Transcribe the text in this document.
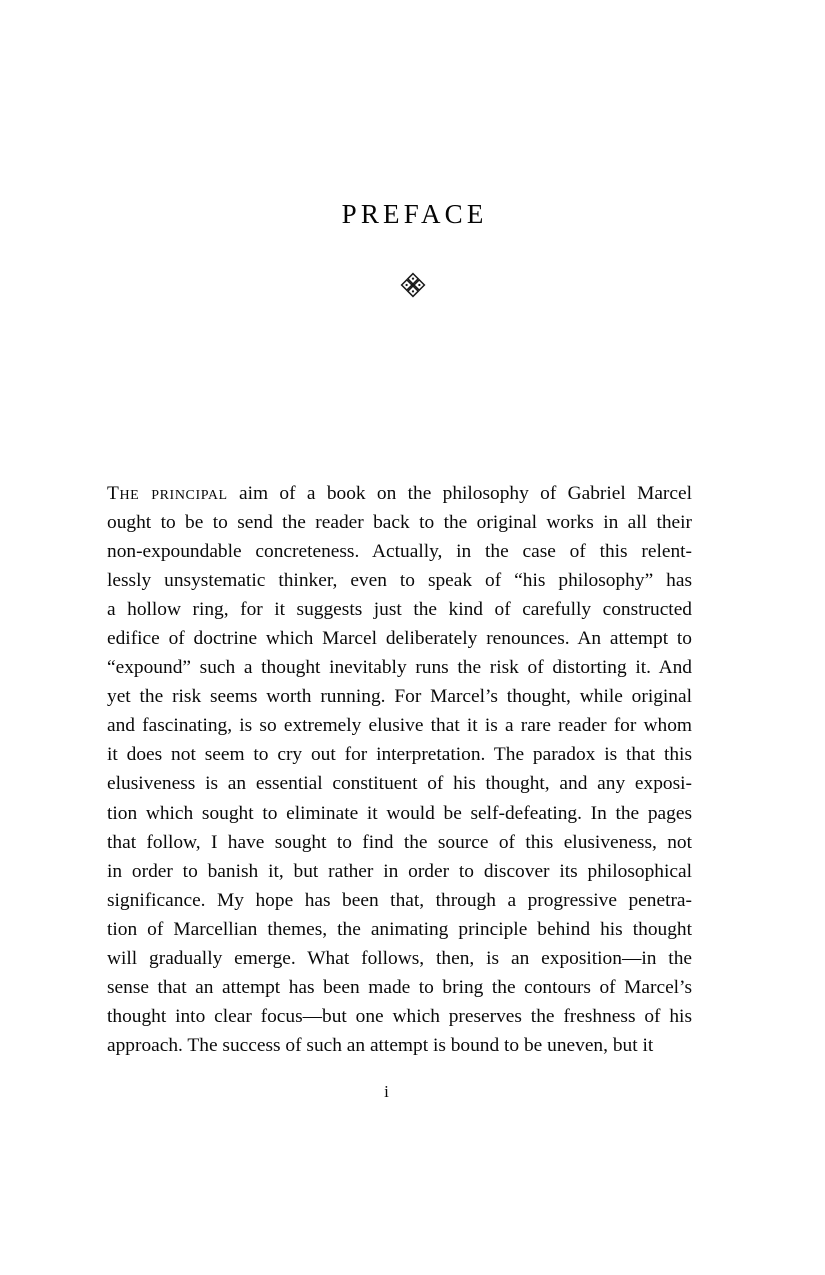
PREFACE

The principal aim of a book on the philosophy of Gabriel Marcel
ought to be to send the reader back to the original works in all their
non-expoundable concreteness. Actually, in the case of this relent-
lessly unsystematic thinker, even to speak of “his philosophy” has
a hollow ring, for it suggests just the kind of carefully constructed
edifice of doctrine which Marcel deliberately renounces. An attempt to
“expound” such a thought inevitably runs the risk of distorting it. And
yet the risk seems worth running. For Marcel’s thought, while original
and fascinating, is so extremely elusive that it is a rare reader for whom
it does not seem to cry out for interpretation. The paradox is that this
elusiveness is an essential constituent of his thought, and any exposi-
tion which sought to eliminate it would be self-defeating. In the pages
that follow, I have sought to find the source of this elusiveness, not
in order to banish it, but rather in order to discover its philosophical
significance. My hope has been that, through a progressive penetra-
tion of Marcellian themes, the animating principle behind his thought
will gradually emerge. What follows, then, is an exposition—in the
sense that an attempt has been made to bring the contours of Marcel’s
thought into clear focus—but one which preserves the freshness of his
approach. The success of such an attempt is bound to be uneven, but it

i
